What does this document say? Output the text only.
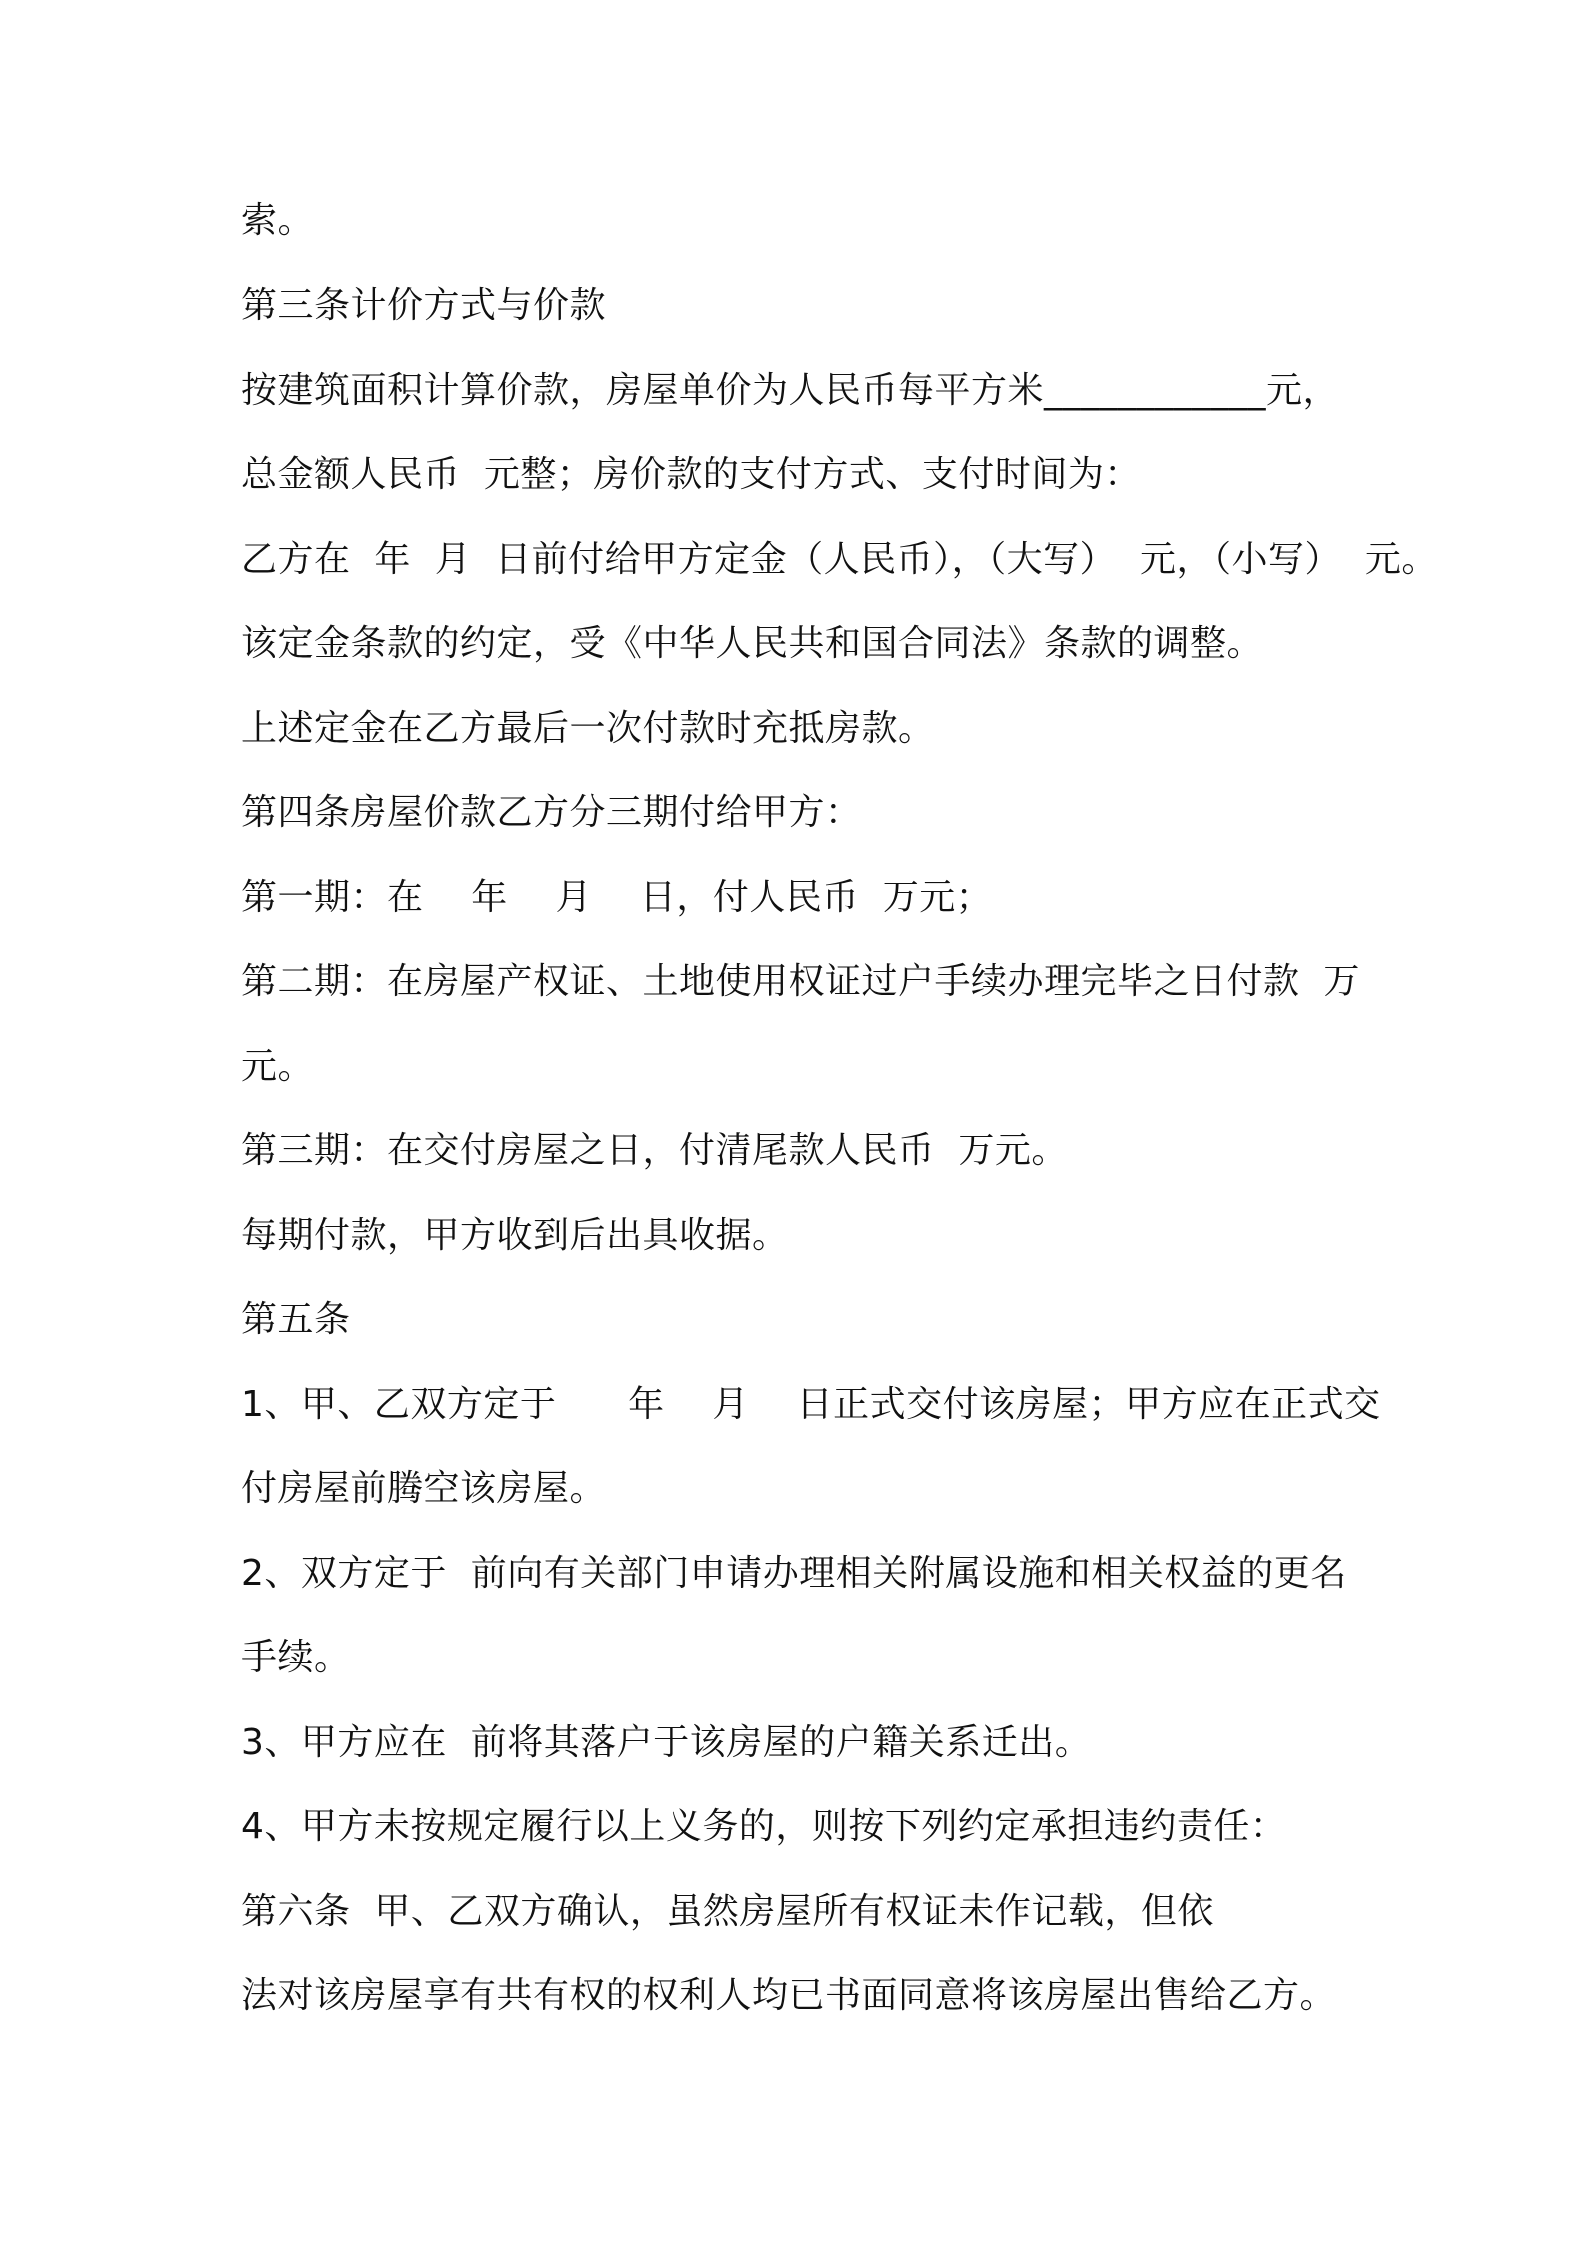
索。

第三条计价方式与价款

按建筑面积计算价款，房屋单价为人民币每平方米____________元，

总金额人民币  元整；房价款的支付方式、支付时间为：

乙方在  年  月  日前付给甲方定金（人民币），（大写）  元，（小写）  元。

该定金条款的约定，受《中华人民共和国合同法》条款的调整。

上述定金在乙方最后一次付款时充抵房款。

第四条房屋价款乙方分三期付给甲方：

第一期：在    年    月    日，付人民币  万元；

第二期：在房屋产权证、土地使用权证过户手续办理完毕之日付款  万

元。

第三期：在交付房屋之日，付清尾款人民币  万元。

每期付款，甲方收到后出具收据。

第五条

1、甲、乙双方定于      年    月    日正式交付该房屋；甲方应在正式交

付房屋前腾空该房屋。

2、双方定于  前向有关部门申请办理相关附属设施和相关权益的更名

手续。

3、甲方应在  前将其落户于该房屋的户籍关系迁出。

4、甲方未按规定履行以上义务的，则按下列约定承担违约责任：

第六条  甲、乙双方确认，虽然房屋所有权证未作记载，但依

法对该房屋享有共有权的权利人均已书面同意将该房屋出售给乙方。
